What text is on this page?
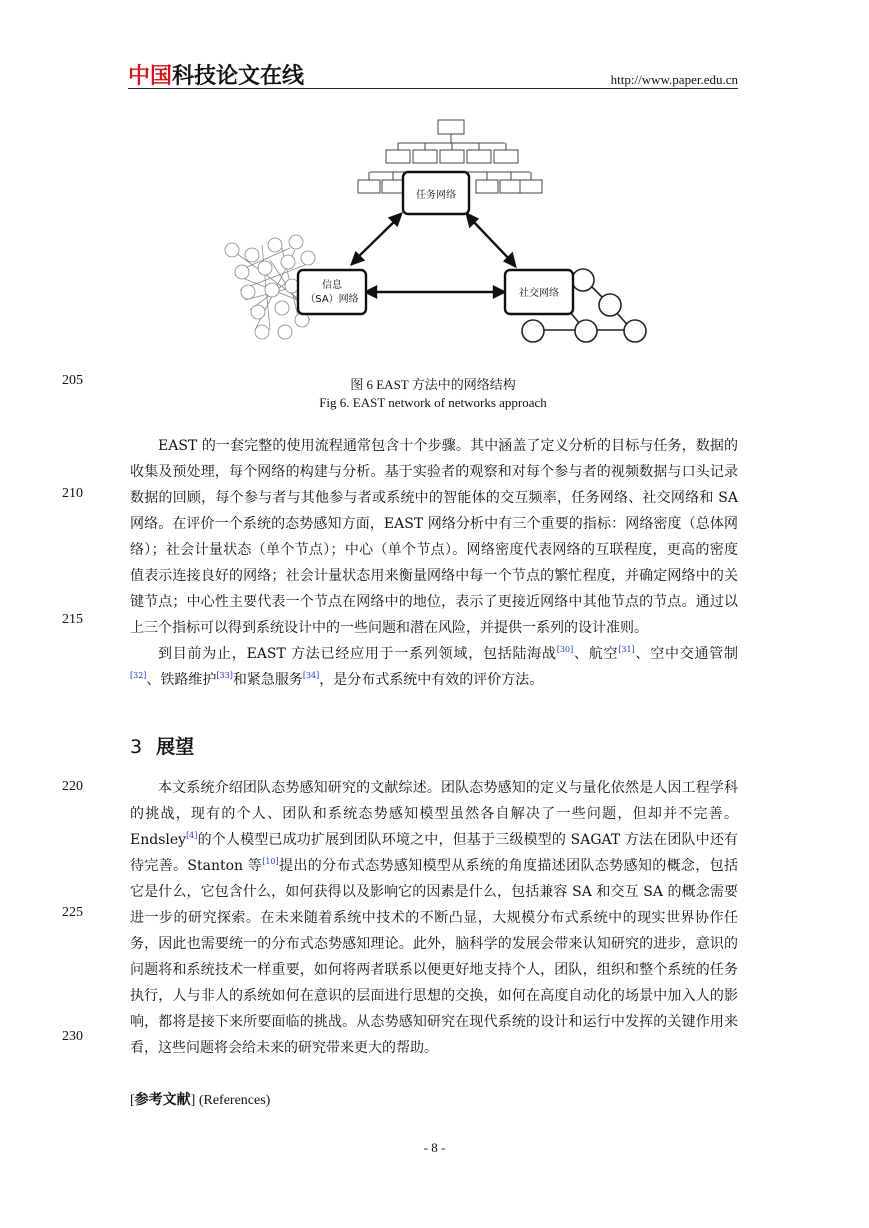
中国科技论文在线	http://www.paper.edu.cn
任务网络
信息
（SA）网络
社交网络
205
210
215
220
225
230
图 6 EAST 方法中的网络结构
Fig 6. EAST network of networks approach

EAST 的一套完整的使用流程通常包含十个步骤。其中涵盖了定义分析的目标与任务，数据的收集及预处理，每个网络的构建与分析。基于实验者的观察和对每个参与者的视频数据与口头记录数据的回顾，每个参与者与其他参与者或系统中的智能体的交互频率，任务网络、社交网络和 SA 网络。在评价一个系统的态势感知方面，EAST 网络分析中有三个重要的指标：网络密度（总体网络）；社会计量状态（单个节点）；中心（单个节点）。网络密度代表网络的互联程度，更高的密度值表示连接良好的网络；社会计量状态用来衡量网络中每一个节点的繁忙程度，并确定网络中的关键节点；中心性主要代表一个节点在网络中的地位，表示了更接近网络中其他节点的节点。通过以上三个指标可以得到系统设计中的一些问题和潜在风险，并提供一系列的设计准则。

到目前为止，EAST 方法已经应用于一系列领域，包括陆海战[30]、航空[31]、空中交通管制[32]、铁路维护[33]和紧急服务[34]，是分布式系统中有效的评价方法。

3 展望

本文系统介绍团队态势感知研究的文献综述。团队态势感知的定义与量化依然是人因工程学科的挑战，现有的个人、团队和系统态势感知模型虽然各自解决了一些问题，但却并不完善。Endsley[4]的个人模型已成功扩展到团队环境之中，但基于三级模型的 SAGAT 方法在团队中还有待完善。Stanton 等[10]提出的分布式态势感知模型从系统的角度描述团队态势感知的概念，包括它是什么，它包含什么，如何获得以及影响它的因素是什么，包括兼容 SA 和交互 SA 的概念需要进一步的研究探索。在未来随着系统中技术的不断凸显，大规模分布式系统中的现实世界协作任务，因此也需要统一的分布式态势感知理论。此外，脑科学的发展会带来认知研究的进步，意识的问题将和系统技术一样重要，如何将两者联系以便更好地支持个人，团队，组织和整个系统的任务执行，人与非人的系统如何在意识的层面进行思想的交换，如何在高度自动化的场景中加入人的影响，都将是接下来所要面临的挑战。从态势感知研究在现代系统的设计和运行中发挥的关键作用来看，这些问题将会给未来的研究带来更大的帮助。

[参考文献] (References)
- 8 -
